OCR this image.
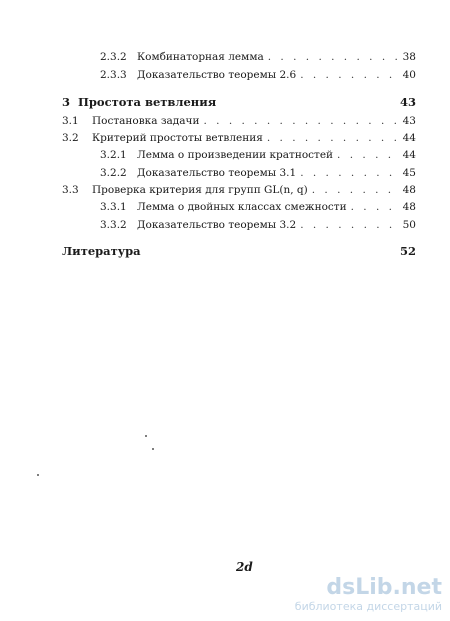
2.3.2 Комбинаторная лемма . . .	38
2.3.3 Доказательство теоремы 2.6 . . .	40
3 Простота ветвления	43
3.1	Постановка задачи . . .	43
3.2	Критерий простоты ветвления . . .	44
3.2.1 Лемма о произведении кратностей . . .	44
3.2.2 Доказательство теоремы 3.1 . . .	45
3.3	Проверка критерия для групп GL(n, q) . . .	48
3.3.1 Лемма о двойных классах смежности . . .	48
3.3.2 Доказательство теоремы 3.2 . . .	50
Литература	52
2d
dsLib.net
библиотека диссертаций
